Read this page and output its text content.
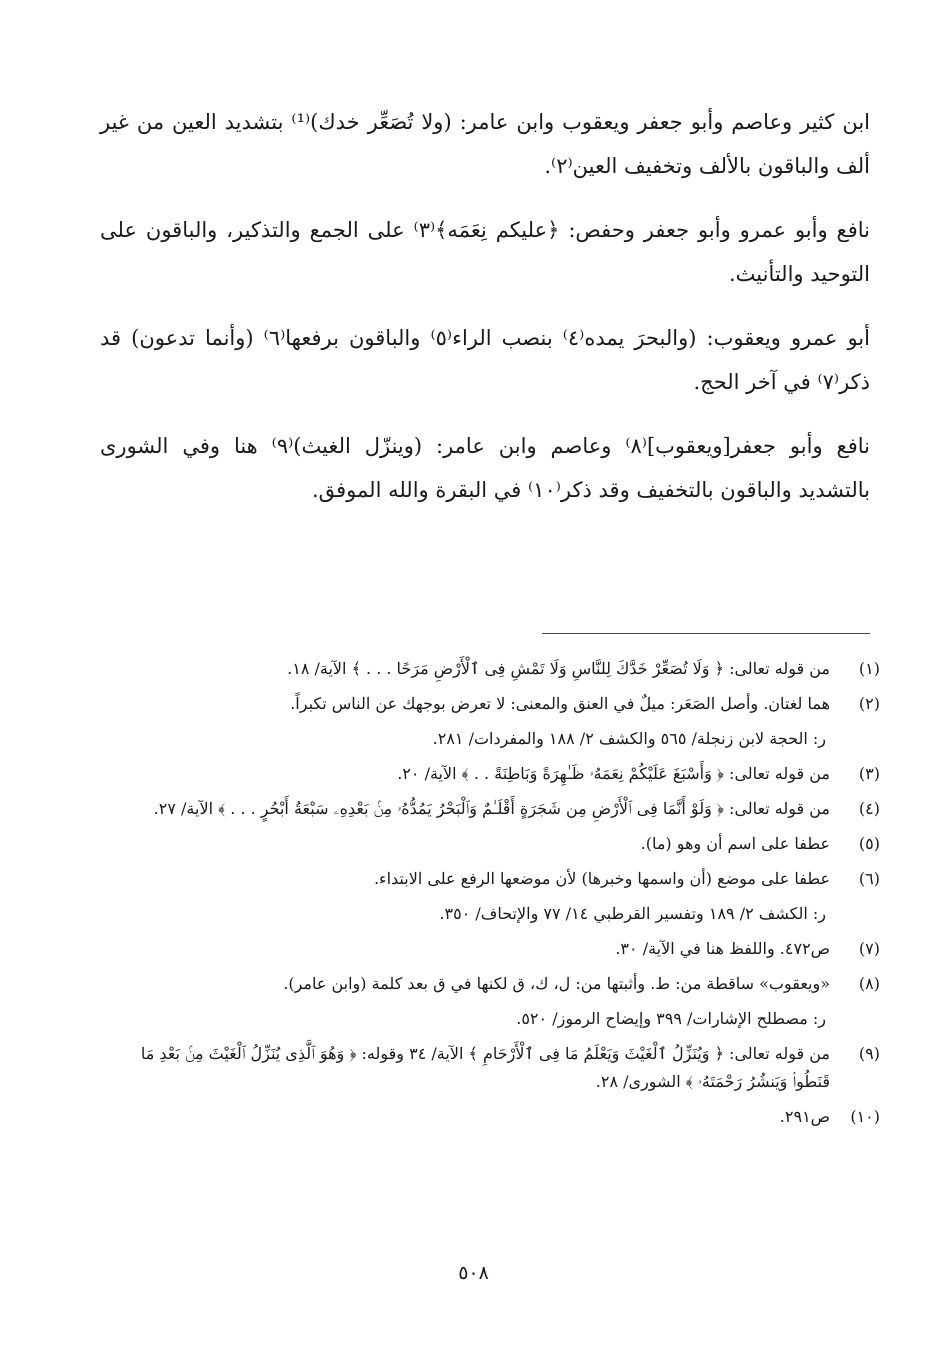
ابن كثير وعاصم وأبو جعفر ويعقوب وابن عامر: (ولا تُصَعِّر خدك)⁽¹⁾ بتشديد العين من غير ألف والباقون بالألف وتخفيف العين⁽٢⁾.

نافع وأبو عمرو وأبو جعفر وحفص: ﴿عليكم نِعَمَه﴾⁽٣⁾ على الجمع والتذكير، والباقون على التوحيد والتأنيث.

أبو عمرو ويعقوب: (والبحرَ يمده⁽٤⁾ بنصب الراء⁽٥⁾ والباقون برفعها⁽٦⁾ (وأنما تدعون) قد ذكر⁽٧⁾ في آخر الحج.

نافع وأبو جعفر[ويعقوب]⁽٨⁾ وعاصم وابن عامر: (وينزّل الغيث)⁽٩⁾ هنا وفي الشورى بالتشديد والباقون بالتخفيف وقد ذكر⁽١٠⁾ في البقرة والله الموفق.

(١)
من قوله تعالى: ﴿ وَلَا تُصَعِّرْ خَدَّكَ لِلنَّاسِ وَلَا تَمْشِ فِى ٱلْأَرْضِ مَرَحًا . . . ﴾ الآية/ ١٨.
(٢)
هما لغتان. وأصل الصَعَر: ميلٌ في العنق والمعنى: لا تعرض بوجهك عن الناس تكبراً.
ر: الحجة لابن زنجلة/ ٥٦٥ والكشف ٢/ ١٨٨ والمفردات/ ٢٨١.
(٣)
من قوله تعالى: ﴿ وَأَسْبَغَ عَلَيْكُمْ نِعَمَهُۥ ظَـٰهِرَةً وَبَاطِنَةً . . ﴾ الآية/ ٢٠.
(٤)
من قوله تعالى: ﴿ وَلَوْ أَنَّمَا فِى ٱلْأَرْضِ مِن شَجَرَةٍ أَقْلَـٰمٌ وَٱلْبَحْرُ يَمُدُّهُۥ مِنۢ بَعْدِهِۦ سَبْعَةُ أَبْحُرٍ . . . ﴾ الآية/ ٢٧.
(٥)
عطفا على اسم أن وهو (ما).
(٦)
عطفا على موضع (أن واسمها وخبرها) لأن موضعها الرفع على الابتداء.
ر: الكشف ٢/ ١٨٩ وتفسير القرطبي ١٤/ ٧٧ والإتحاف/ ٣٥٠.
(٧)
ص٤٧٢. واللفظ هنا في الآية/ ٣٠.
(٨)
«ويعقوب» ساقطة من: ط. وأثبتها من: ل، ك، ق لكنها في ق بعد كلمة (وابن عامر).
ر: مصطلح الإشارات/ ٣٩٩ وإيضاح الرموز/ ٥٢٠.
(٩)
من قوله تعالى: ﴿ وَيُنَزِّلُ ٱلْغَيْثَ وَيَعْلَمُ مَا فِى ٱلْأَرْحَامِ ﴾ الآية/ ٣٤ وقوله: ﴿ وَهُوَ ٱلَّذِى يُنَزِّلُ ٱلْغَيْثَ مِنۢ بَعْدِ مَا قَنَطُوا۟ وَيَنشُرُ رَحْمَتَهُۥ ﴾ الشورى/ ٢٨.
(١٠)
ص٢٩١.
٥٠٨
